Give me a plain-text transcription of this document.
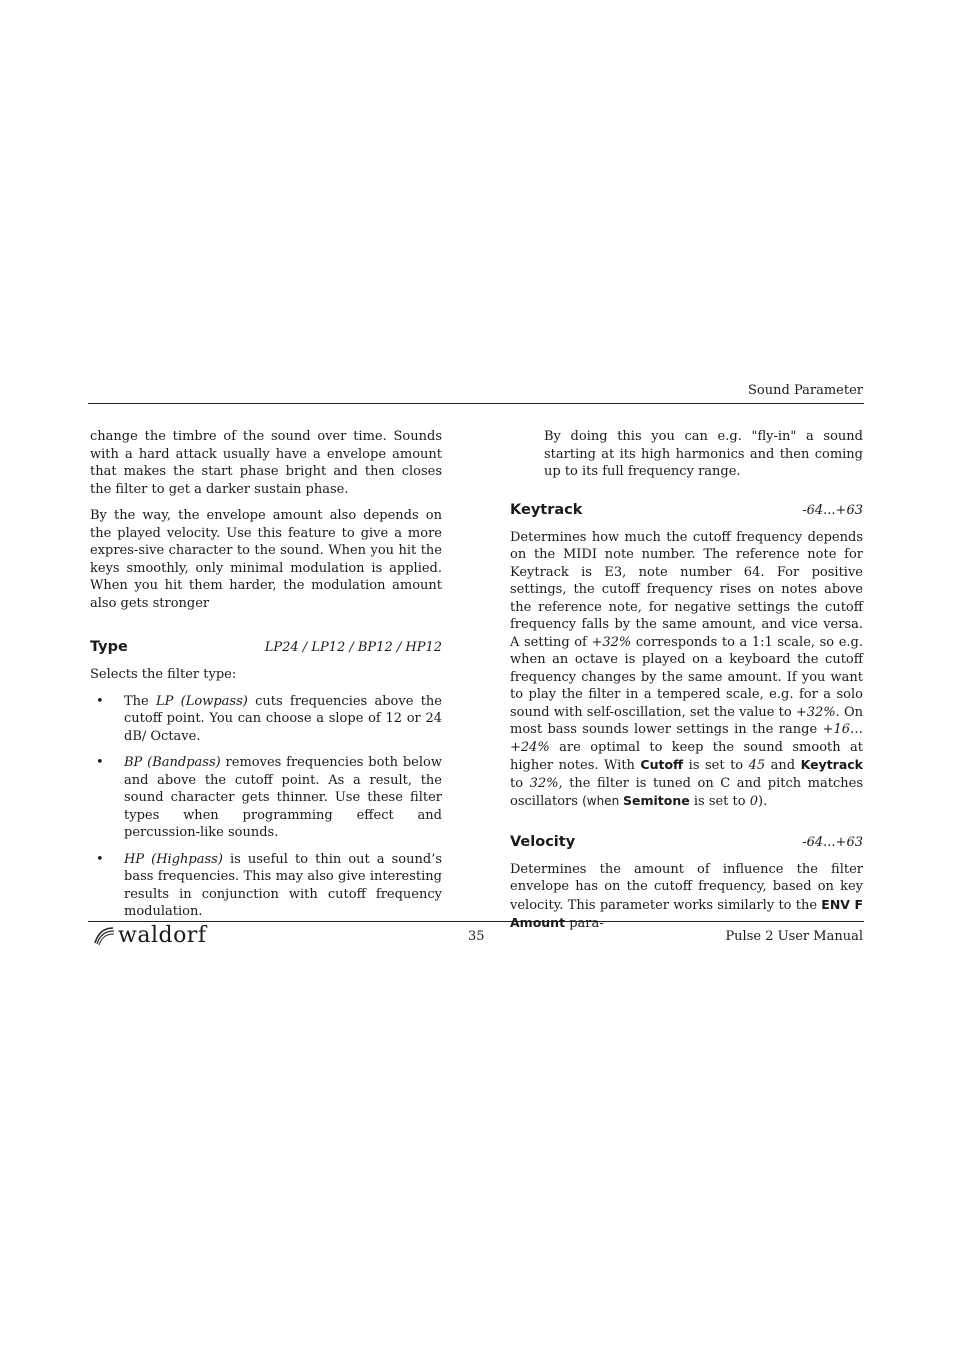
Sound Parameter

change the timbre of the sound over time. Sounds with a hard attack usually have a envelope amount that makes the start phase bright and then closes the filter to get a darker sustain phase.

By the way, the envelope amount also depends on the played velocity. Use this feature to give a more expres-sive character to the sound. When you hit the keys smoothly, only minimal modulation is applied. When you hit them harder, the modulation amount also gets stronger

Type	LP24 / LP12 / BP12 / HP12

Selects the filter type:

• The LP (Lowpass) cuts frequencies above the cutoff point. You can choose a slope of 12 or 24 dB/ Octave.
• BP (Bandpass) removes frequencies both below and above the cutoff point. As a result, the sound character gets thinner. Use these filter types when programming effect and percussion-like sounds.
• HP (Highpass) is useful to thin out a sound’s bass frequencies. This may also give interesting results in conjunction with cutoff frequency modulation.

By doing this you can e.g. "fly-in" a sound starting at its high harmonics and then coming up to its full frequency range.

Keytrack	-64...+63

Determines how much the cutoff frequency depends on the MIDI note number. The reference note for Keytrack is E3, note number 64. For positive settings, the cutoff frequency rises on notes above the reference note, for negative settings the cutoff frequency falls by the same amount, and vice versa. A setting of +32% corresponds to a 1:1 scale, so e.g. when an octave is played on a keyboard the cutoff frequency changes by the same amount. If you want to play the filter in a tempered scale, e.g. for a solo sound with self-oscillation, set the value to +32%. On most bass sounds lower settings in the range +16…+24% are optimal to keep the sound smooth at higher notes. With Cutoff is set to 45 and Keytrack to 32%, the filter is tuned on C and pitch matches oscillators (when Semitone is set to 0).

Velocity	-64...+63

Determines the amount of influence the filter envelope has on the cutoff frequency, based on key velocity. This parameter works similarly to the ENV F Amount para-

waldorf	35	Pulse 2 User Manual
